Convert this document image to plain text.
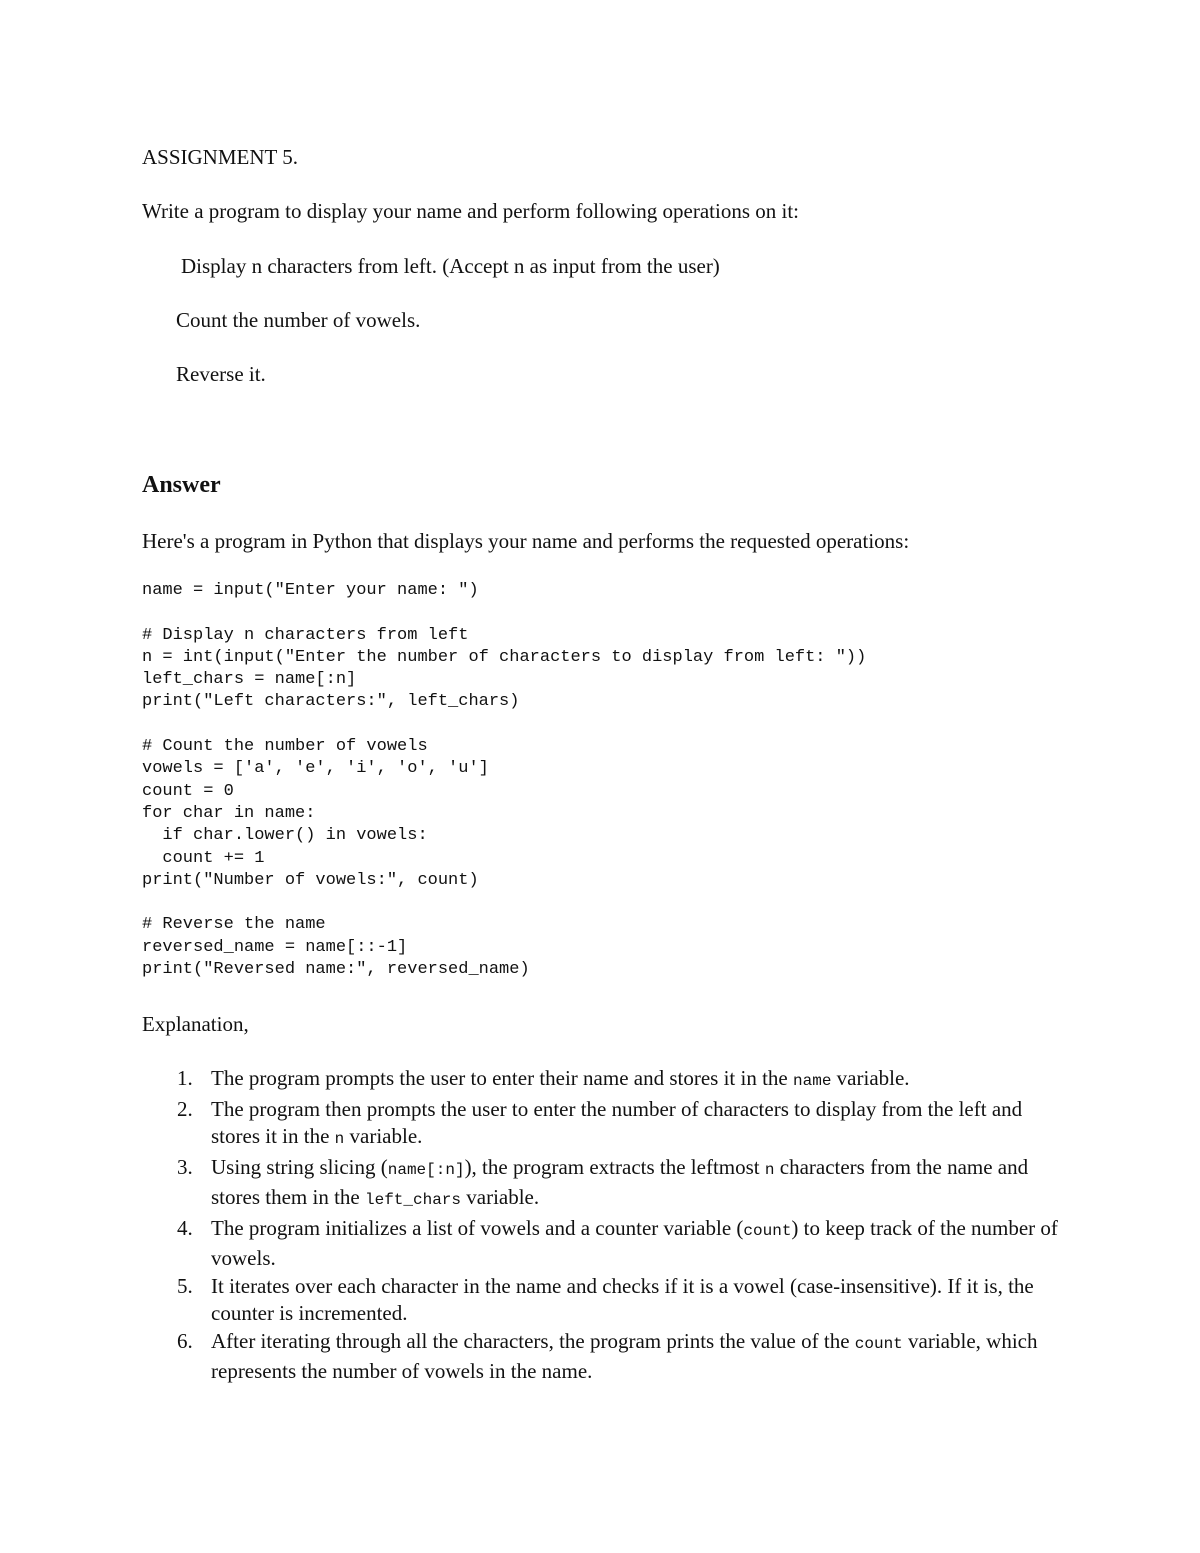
ASSIGNMENT 5.
Write a program to display your name and perform following operations on it:
Display n characters from left. (Accept n as input from the user)
Count the number of vowels.
Reverse it.
Answer
Here's a program in Python that displays your name and performs the requested operations:
name = input("Enter your name: ")
# Display n characters from left
n = int(input("Enter the number of characters to display from left: "))
left_chars = name[:n]
print("Left characters:", left_chars)
# Count the number of vowels
vowels = ['a', 'e', 'i', 'o', 'u']
count = 0
for char in name:
if char.lower() in vowels:
count += 1
print("Number of vowels:", count)
# Reverse the name
reversed_name = name[::-1]
print("Reversed name:", reversed_name)
Explanation,
1. The program prompts the user to enter their name and stores it in the name variable.
2. The program then prompts the user to enter the number of characters to display from the left and stores it in the n variable.
3. Using string slicing (name[:n]), the program extracts the leftmost n characters from the name and stores them in the left_chars variable.
4. The program initializes a list of vowels and a counter variable (count) to keep track of the number of vowels.
5. It iterates over each character in the name and checks if it is a vowel (case-insensitive). If it is, the counter is incremented.
6. After iterating through all the characters, the program prints the value of the count variable, which represents the number of vowels in the name.
